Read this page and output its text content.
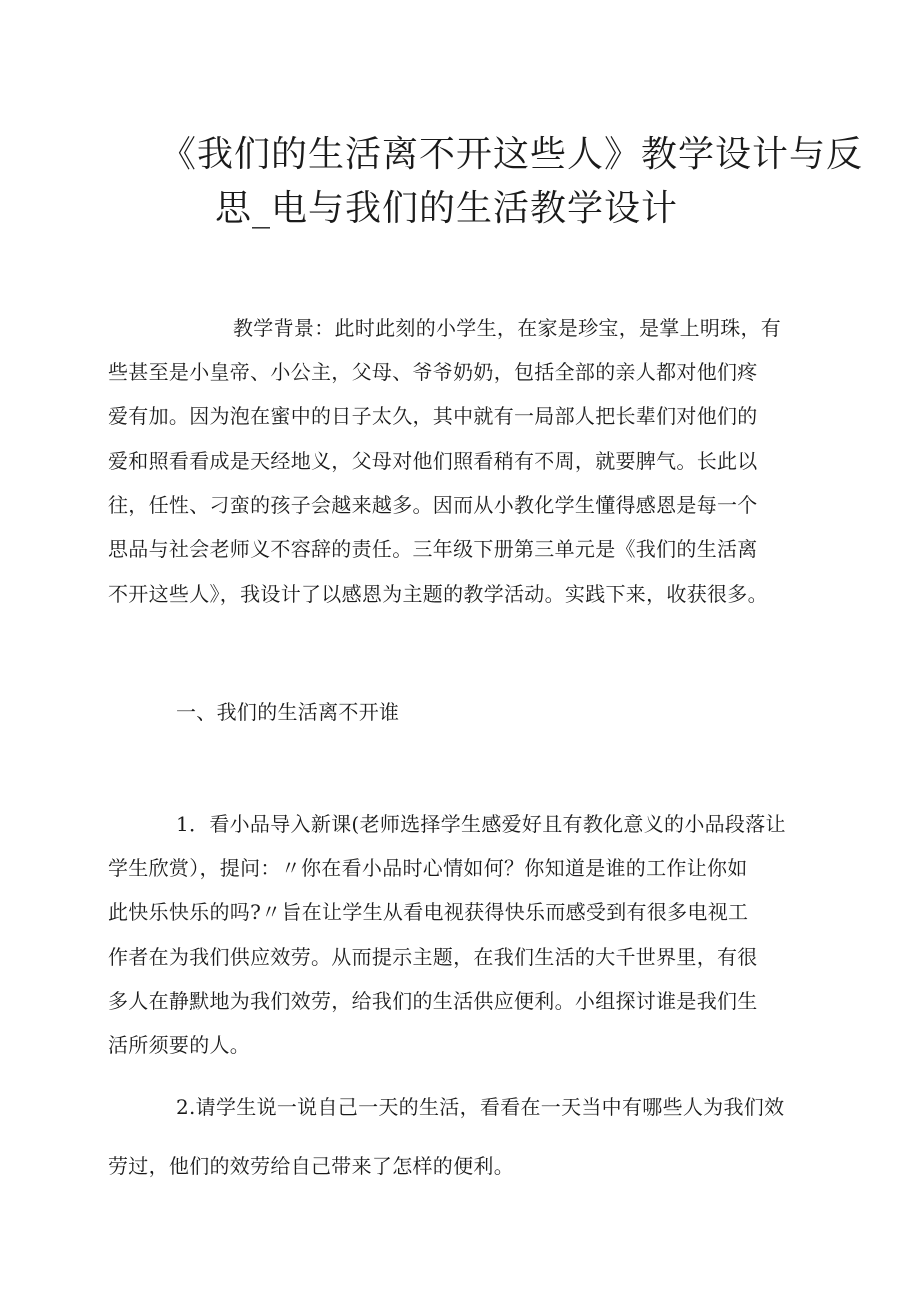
《我们的生活离不开这些人》教学设计与反
思_电与我们的生活教学设计
教学背景：此时此刻的小学生，在家是珍宝，是掌上明珠，有
些甚至是小皇帝、小公主，父母、爷爷奶奶，包括全部的亲人都对他们疼
爱有加。因为泡在蜜中的日子太久，其中就有一局部人把长辈们对他们的
爱和照看看成是天经地义，父母对他们照看稍有不周，就要脾气。长此以
往，任性、刁蛮的孩子会越来越多。因而从小教化学生懂得感恩是每一个
思品与社会老师义不容辞的责任。三年级下册第三单元是《我们的生活离
不开这些人》，我设计了以感恩为主题的教学活动。实践下来，收获很多。
一、我们的生活离不开谁
1．看小品导入新课(老师选择学生感爱好且有教化意义的小品段落让
学生欣赏），提问：〃你在看小品时心情如何？你知道是谁的工作让你如
此快乐快乐的吗?〃旨在让学生从看电视获得快乐而感受到有很多电视工
作者在为我们供应效劳。从而提示主题，在我们生活的大千世界里，有很
多人在静默地为我们效劳，给我们的生活供应便利。小组探讨谁是我们生
活所须要的人。
2.请学生说一说自己一天的生活，看看在一天当中有哪些人为我们效
劳过，他们的效劳给自己带来了怎样的便利。
